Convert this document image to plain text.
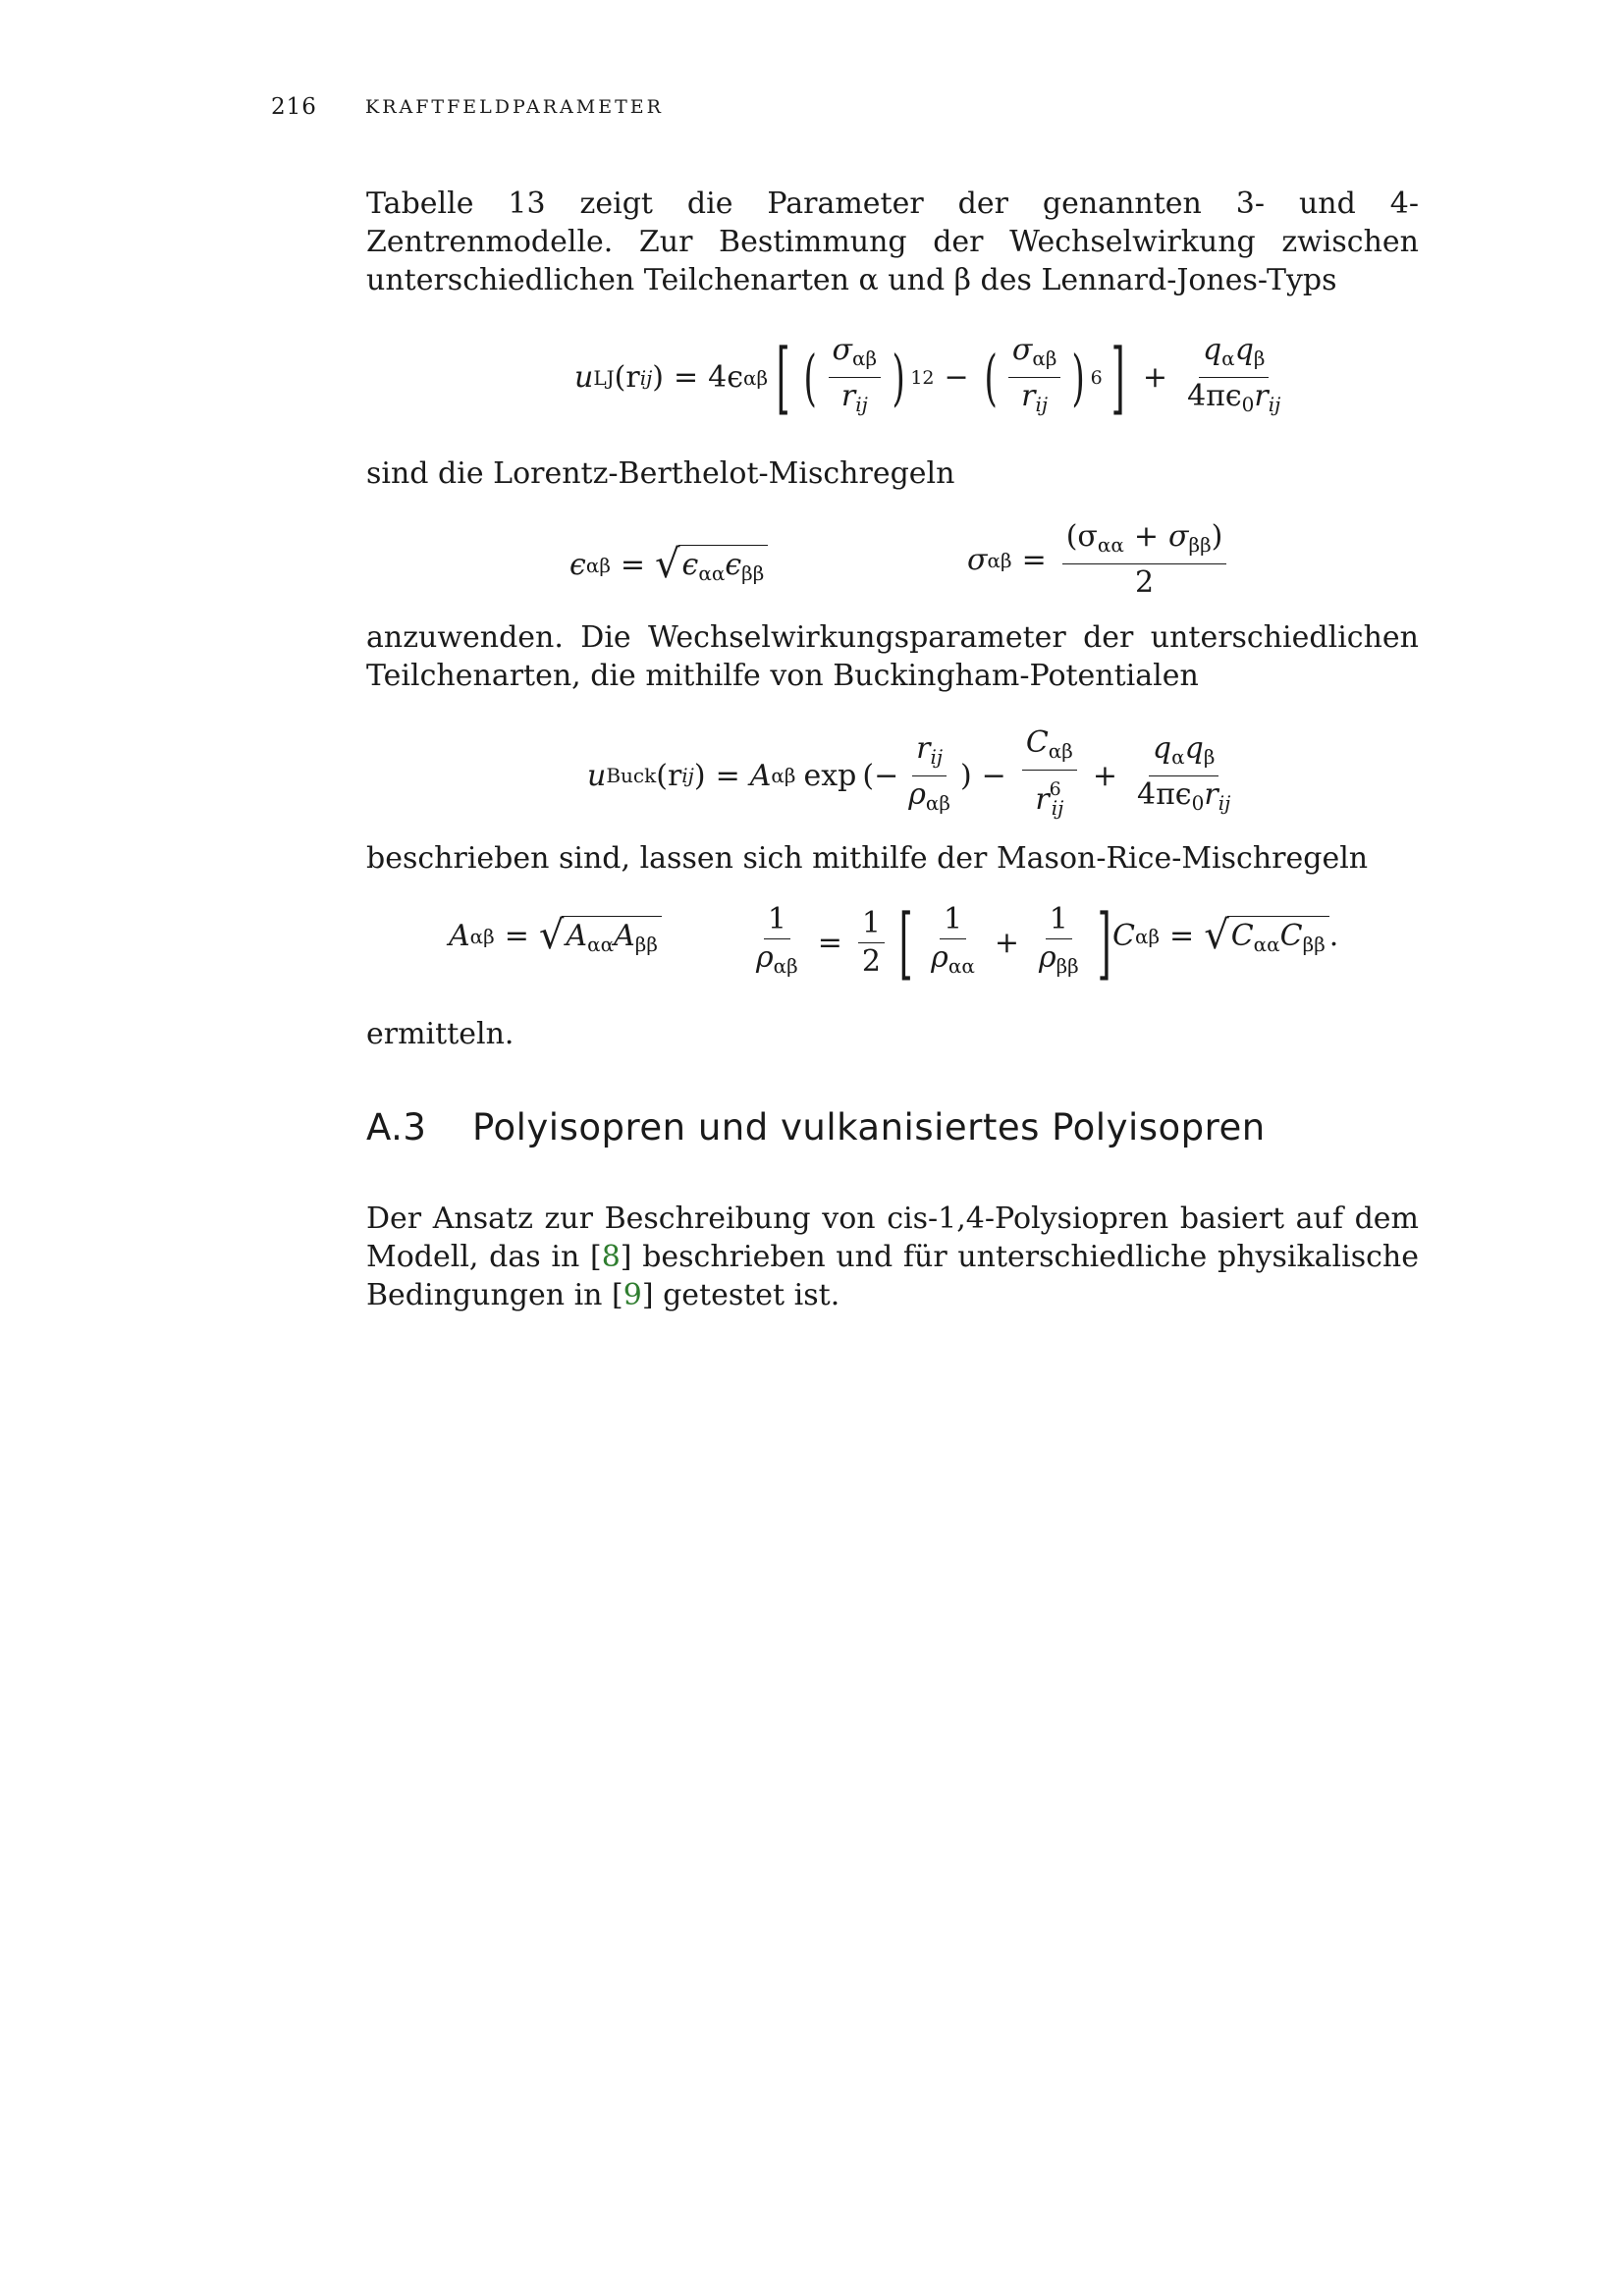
216	KRAFTFELDPARAMETER

Tabelle 13 zeigt die Parameter der genannten 3- und 4-Zentrenmodelle. Zur Bestimmung der Wechselwirkung zwischen unterschiedlichen Teilchenarten α und β des Lennard-Jones-Typs

u LJ (r ij ) = 4ϵ αβ [ ( $\frac{\sigma_{\alpha\beta}}{r_{ij}}$ ) 12 − ( $\frac{\sigma_{\alpha\beta}}{r_{ij}}$ ) 6 ] + $\frac{q_\alpha q_\beta}{4\pi\epsilon_0r_{ij}}$

sind die Lorentz-Berthelot-Mischregeln

ϵ αβ = √ $\epsilon_{\alpha\alpha}\epsilon_{\beta\beta}$	σ $\alpha\beta = \frac{(\sigma_{\alpha\alpha} + \sigma_{\beta\beta})}{2}$

anzuwenden. Die Wechselwirkungsparameter der unterschiedlichen Teilchenarten, die mithilfe von Buckingham-Potentialen

u Buck (r ij ) = A αβ exp (− $\frac{r_{ij}}{\rho_{\alpha\beta}}$ ) − $\frac{C_{\alpha\beta}}{r^6_{ij}} + \frac{q_\alpha q_\beta}{4\pi\epsilon_0r_{ij}}$

beschrieben sind, lassen sich mithilfe der Mason-Rice-Mischregeln

A αβ = √ $A_{\alpha\alpha}A_{\beta\beta}$	$\frac{1}{\rho_{\alpha\beta}} = \frac{1}{2}$ [ $\frac{1}{\rho_{\alpha\alpha}} + \frac{1}{\rho_{\beta\beta}}$ ] C αβ = √ $C_{\alpha\alpha}C_{\beta\beta}$ .

ermitteln.

A.3 Polyisopren und vulkanisiertes Polyisopren

Der Ansatz zur Beschreibung von cis-1,4-Polysiopren basiert auf dem Modell, das in [8] beschrieben und für unterschiedliche physikalische Bedingungen in [9] getestet ist.
